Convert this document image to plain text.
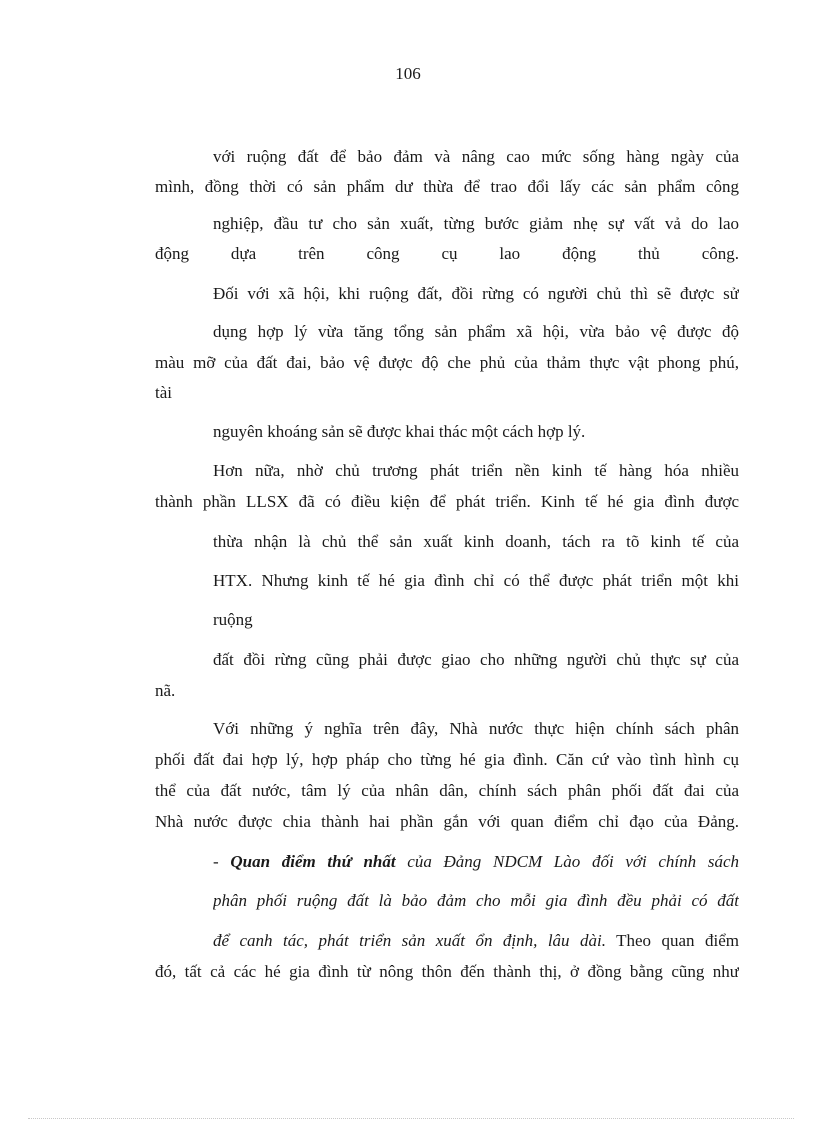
106
với ruộng đất để bảo đảm và nâng cao mức sống hàng ngày của
mình, đồng thời có sản phẩm dư thừa để trao đổi lấy các sản phẩm công
nghiệp, đầu tư cho sản xuất, từng bước giảm nhẹ sự vất vả do lao
động dựa trên công cụ lao động thủ công.
Đối với xã hội, khi ruộng đất, đồi rừng có người chủ thì sẽ được sử
dụng hợp lý vừa tăng tổng sản phẩm xã hội, vừa bảo vệ được độ
màu mỡ của đất đai, bảo vệ được độ che phủ của thảm thực vật phong phú,
tài
nguyên khoáng sản sẽ được khai thác một cách hợp lý.
Hơn nữa, nhờ chủ trương phát triển nền kinh tế hàng hóa nhiều
thành phần LLSX đã có điều kiện để phát triển. Kinh tế hé gia đình được
thừa nhận là chủ thể sản xuất kinh doanh, tách ra tõ kinh tế của
HTX. Nhưng kinh tế hé gia đình chỉ có thể được phát triển một khi
ruộng
đất đồi rừng cũng phải được giao cho những người chủ thực sự của
nã.
Với những ý nghĩa trên đây, Nhà nước thực hiện chính sách phân
phối đất đai hợp lý, hợp pháp cho từng hé gia đình. Căn cứ vào tình hình cụ
thể của đất nước, tâm lý của nhân dân, chính sách phân phối đất đai của
Nhà nước được chia thành hai phần gắn với quan điểm chỉ đạo của Đảng.
- Quan điểm thứ nhất của Đảng NDCM Lào đối với chính sách
phân phối ruộng đất là bảo đảm cho mỗi gia đình đều phải có đất
để canh tác, phát triển sản xuất ổn định, lâu dài. Theo quan điểm
đó, tất cả các hé gia đình từ nông thôn đến thành thị, ở đồng bằng cũng như
